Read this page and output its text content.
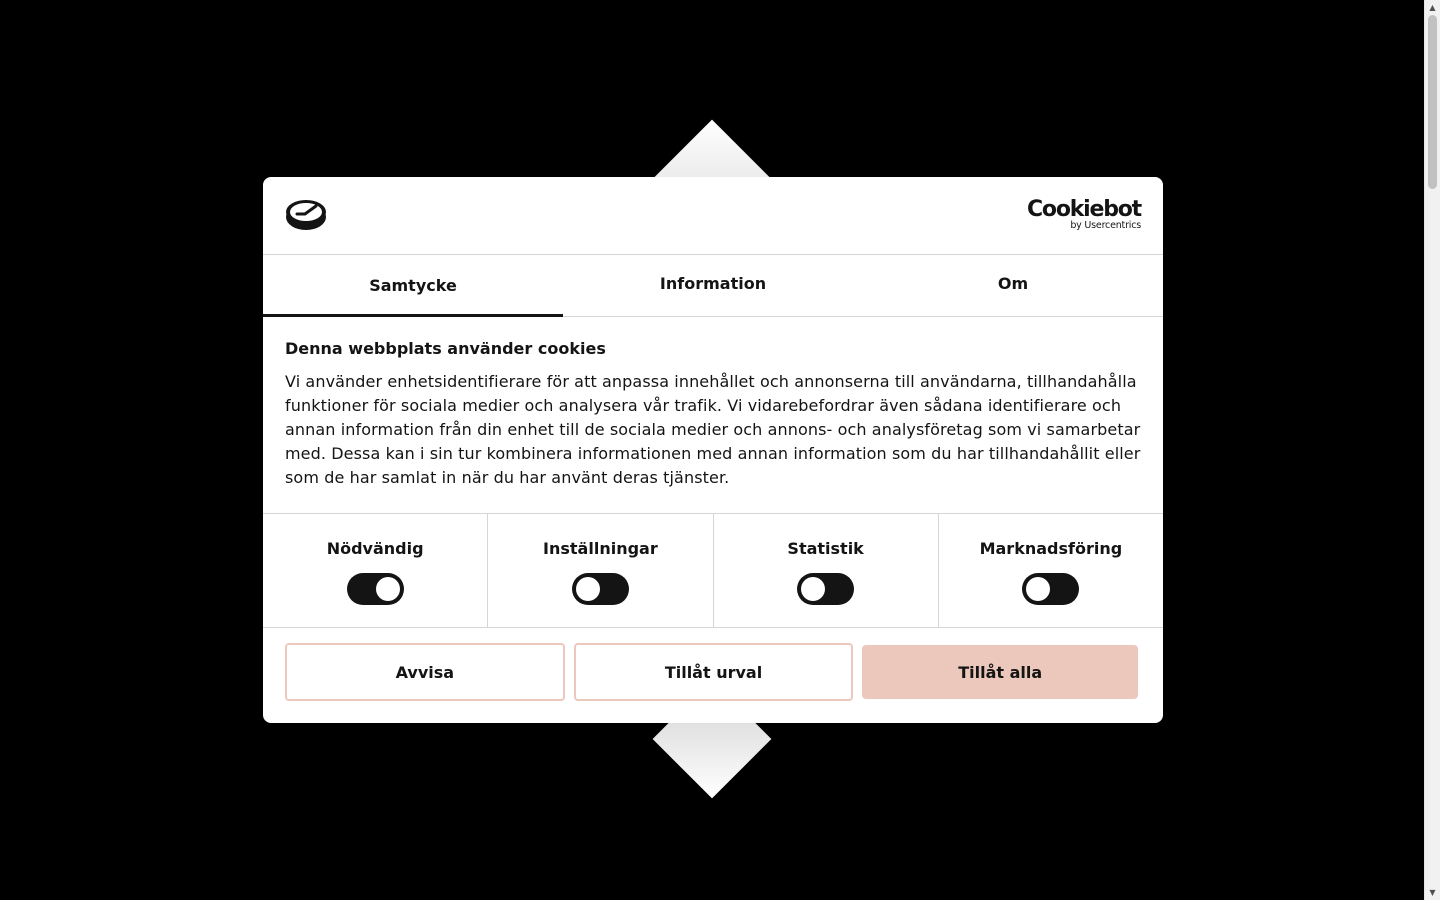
▲
▼
Cookiebot
by Usercentrics
Samtycke	Information	Om
Denna webbplats använder cookies

Vi använder enhetsidentifierare för att anpassa innehållet och annonserna till användarna, tillhandahålla funktioner för sociala medier och analysera vår trafik. Vi vidarebefordrar även sådana identifierare och annan information från din enhet till de sociala medier och annons- och analysföretag som vi samarbetar med. Dessa kan i sin tur kombinera informationen med annan information som du har tillhandahållit eller som de har samlat in när du har använt deras tjänster.

Nödvändig	Inställningar	Statistik	Marknadsföring
Avvisa	Tillåt urval	Tillåt alla
